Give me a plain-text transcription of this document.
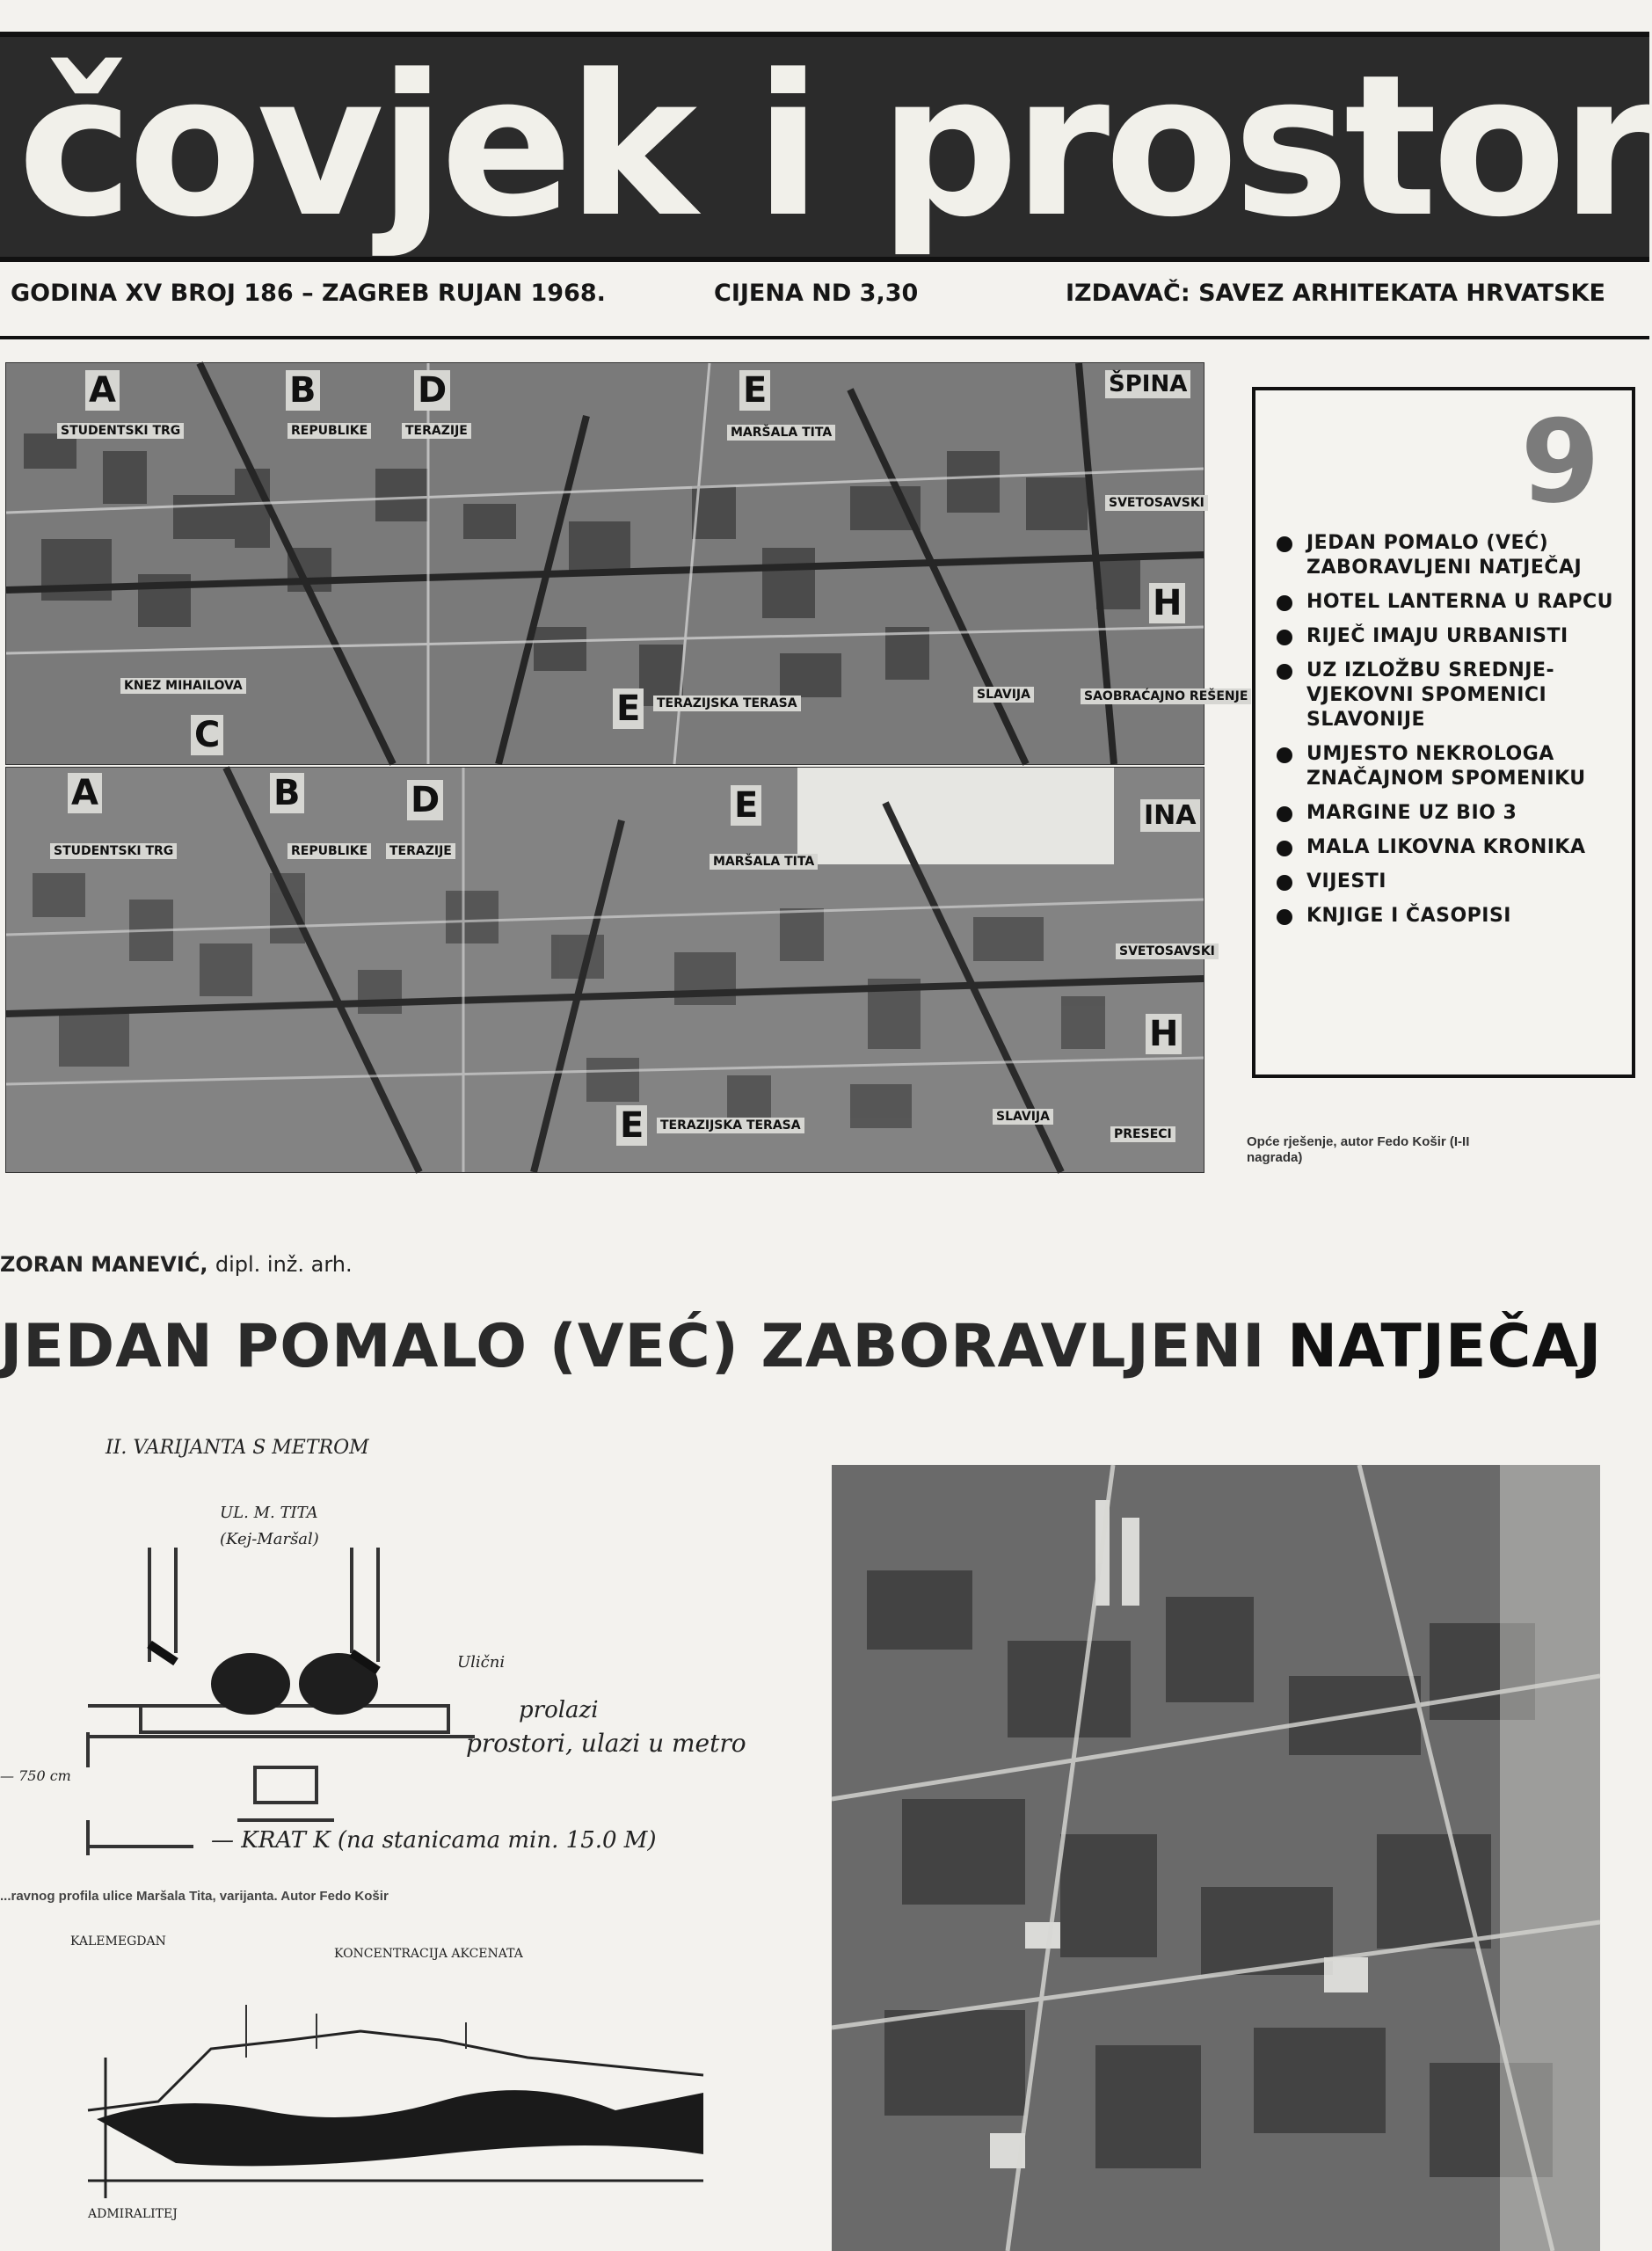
čovjek i prostor
GODINA XV BROJ 186 – ZAGREB RUJAN 1968.	CIJENA ND 3,30	IZDAVAČ: SAVEZ ARHITEKATA HRVATSKE
A	B
C
D	E
E
H
STUDENTSKI TRG	REPUBLIKE	TERAZIJE	MARŠALA TITA
KNEZ MIHAILOVA
SLAVIJA	SAOBRAĆAJNO REŠENJE
SVETOSAVSKI
ŠPINA
TERAZIJSKA TERASA
A	B	D	E
E
H
STUDENTSKI TRG	REPUBLIKE TERAZIJE
MARŠALA TITA
SLAVIJA
SVETOSAVSKI
PRESECI
INA
TERAZIJSKA TERASA
9
JEDAN POMALO (VEĆ) ZABORAVLJENI NATJEČAJ
HOTEL LANTERNA U RAPCU
RIJEČ IMAJU URBANISTI
UZ IZLOŽBU SREDNJE-VJEKOVNI SPOMENICI SLAVONIJE
UMJESTO NEKROLOGA ZNAČAJNOM SPOMENIKU
MARGINE UZ BIO 3
MALA LIKOVNA KRONIKA
VIJESTI
KNJIGE I ČASOPISI
Opće rješenje, autor Fedo Košir (I-II nagrada)
ZORAN MANEVIĆ, dipl. inž. arh.
JEDAN POMALO (VEĆ) ZABORAVLJENI NATJEČAJ
II. VARIJANTA S METROM
UL. M. TITA
(Kej-Maršal)
Ulični
prolazi
prostori, ulazi u metro
— KRAT K (na stanicama min. 15.0 M)
— 750 cm
...ravnog profila ulice Maršala Tita, varijanta. Autor Fedo Košir
KALEMEGDAN
KONCENTRACIJA AKCENATA
ADMIRALITEJ
